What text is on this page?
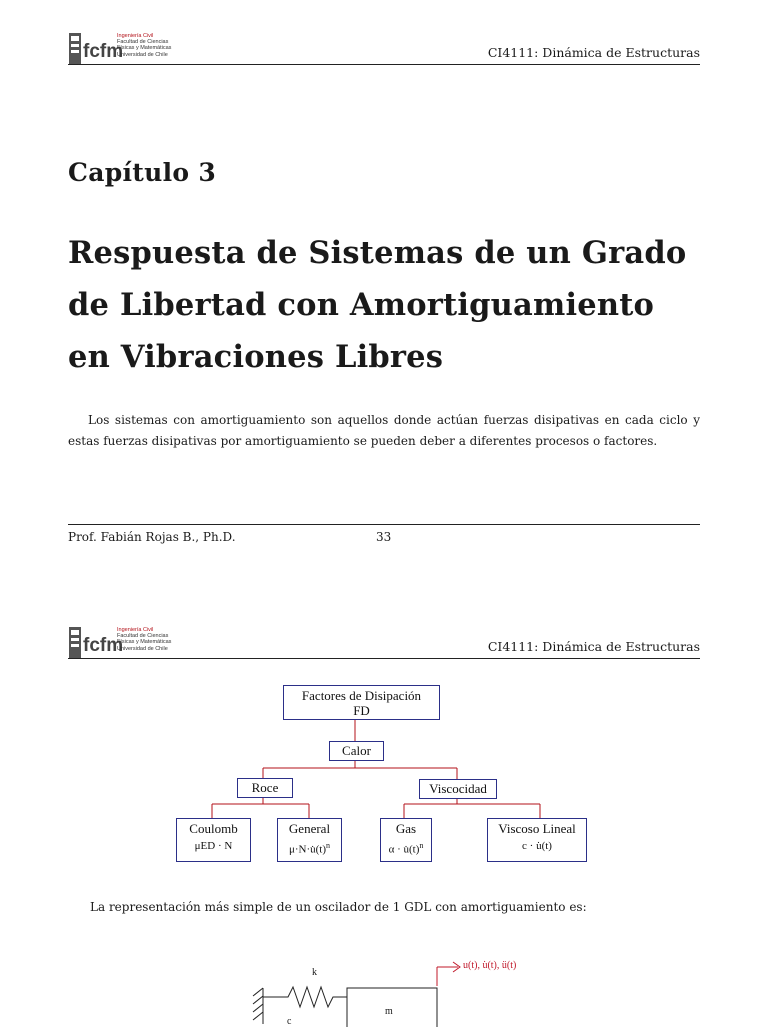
fcfm
Ingeniería Civil
Facultad de Ciencias
Físicas y Matemáticas
Universidad de Chile	CI4111: Dinámica de Estructuras
Capítulo 3
Respuesta de Sistemas de un Grado
de Libertad con Amortiguamiento
en Vibraciones Libres
Los sistemas con amortiguamiento son aquellos donde actúan fuerzas disipativas en cada ciclo y estas fuerzas disipativas por amortiguamiento se pueden deber a diferentes procesos o factores.
Prof. Fabián Rojas B., Ph.D.	33
fcfm
Ingeniería Civil
Facultad de Ciencias
Físicas y Matemáticas
Universidad de Chile	CI4111: Dinámica de Estructuras
Factores de Disipación
FD
Calor
Roce	Viscocidad
Coulomb
μED · N
General
$\mu\cdot N\cdot u̇(t)^n$
Gas
$\alpha \cdot u̇(t)^n$
Viscoso Lineal
c · u̇(t)
La representación más simple de un oscilador de 1 GDL con amortiguamiento es:
k
m
c
u(t), u̇(t), ü(t)
